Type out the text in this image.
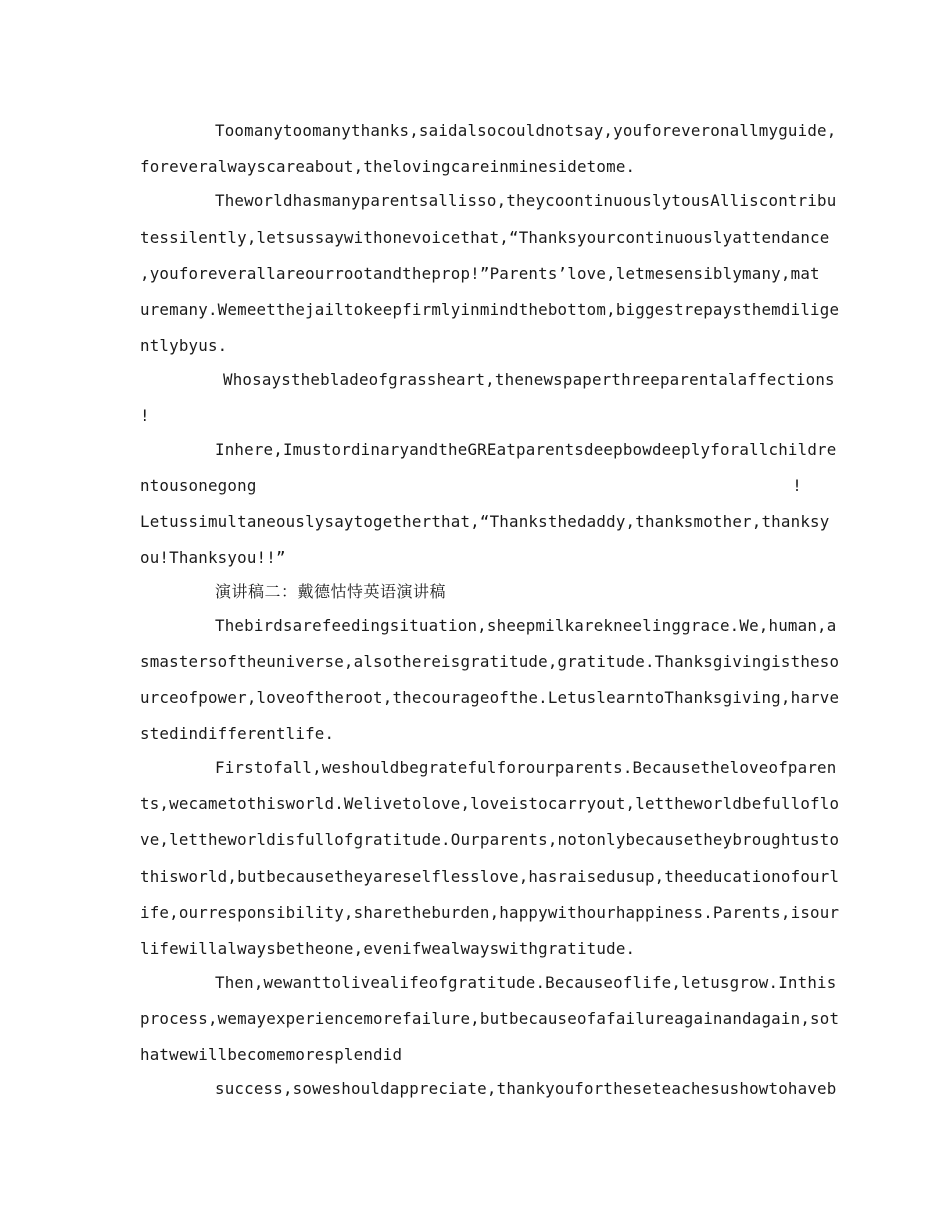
Toomanytoomanythanks,saidalsocouldnotsay,youforeveronallmyguide,

foreveralwayscareabout,thelovingcareinminesidetome.

Theworldhasmanyparentsallisso,theycoontinuouslytousAlliscontribu

tessilently,letsussaywithonevoicethat,“Thanksyourcontinuouslyattendance

,youforeverallareourrootandtheprop!”Parents’love,letmesensiblymany,mat

uremany.Wemeetthejailtokeepfirmlyinmindthebottom,biggestrepaysthemdilige

ntlybyus.

Whosaysthebladeofgrassheart,thenewspaperthreeparentalaffections

!

Inhere,ImustordinaryandtheGREatparentsdeepbowdeeplyforallchildre

ntousonegong	!

Letussimultaneouslysaytogetherthat,“Thanksthedaddy,thanksmother,thanksy

ou!Thanksyou!!”

演讲稿二：戴德怙恃英语演讲稿

Thebirdsarefeedingsituation,sheepmilkarekneelinggrace.We,human,a

smastersoftheuniverse,alsothereisgratitude,gratitude.Thanksgivingistheso

urceofpower,loveoftheroot,thecourageofthe.LetuslearntoThanksgiving,harve

stedindifferentlife.

Firstofall,weshouldbegratefulforourparents.Becausetheloveofparen

ts,wecametothisworld.Welivetolove,loveistocarryout,lettheworldbefulloflo

ve,lettheworldisfullofgratitude.Ourparents,notonlybecausetheybroughtusto

thisworld,butbecausetheyareselflesslove,hasraisedusup,theeducationofourl

ife,ourresponsibility,sharetheburden,happywithourhappiness.Parents,isour

lifewillalwaysbetheone,evenifwealwayswithgratitude.

Then,wewanttolivealifeofgratitude.Becauseoflife,letusgrow.Inthis

process,wemayexperiencemorefailure,butbecauseofafailureagainandagain,sot

hatwewillbecomemoresplendid

success,soweshouldappreciate,thankyoufortheseteachesushowtohaveb
